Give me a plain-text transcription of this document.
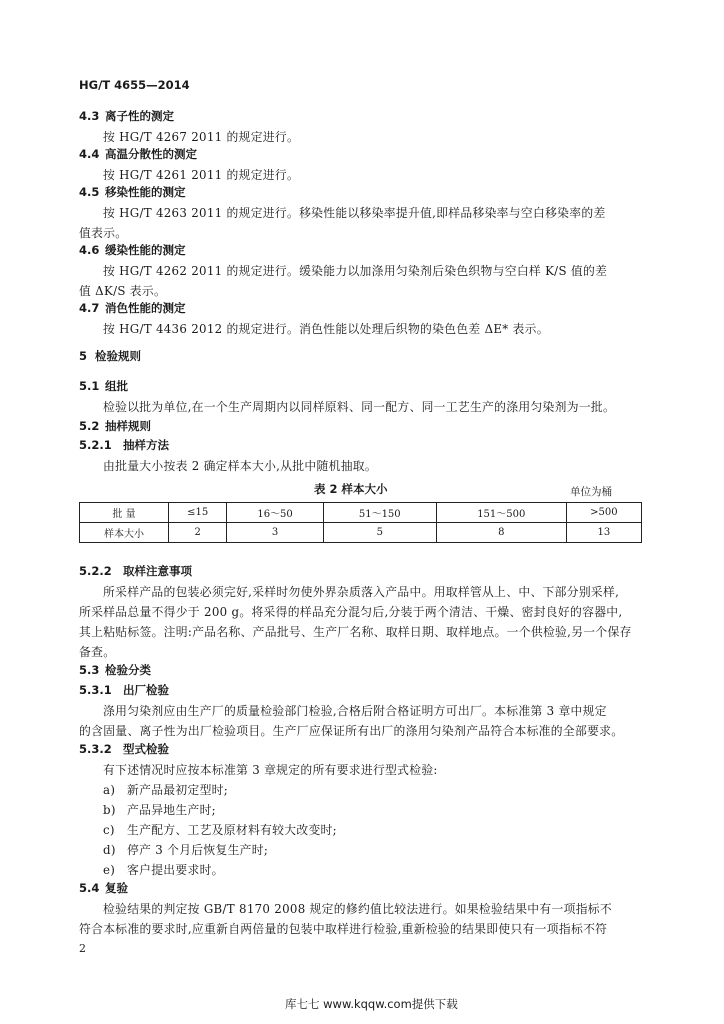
HG/T 4655—2014
4.3 离子性的测定
按 HG/T 4267 2011 的规定进行。
4.4 高温分散性的测定
按 HG/T 4261 2011 的规定进行。
4.5 移染性能的测定
按 HG/T 4263 2011 的规定进行。移染性能以移染率提升值,即样品移染率与空白移染率的差
值表示。
4.6 缓染性能的测定
按 HG/T 4262 2011 的规定进行。缓染能力以加涤用匀染剂后染色织物与空白样 K/S 值的差
值 ΔK/S 表示。
4.7 消色性能的测定
按 HG/T 4436 2012 的规定进行。消色性能以处理后织物的染色色差 ΔE* 表示。
5 检验规则
5.1 组批
检验以批为单位,在一个生产周期内以同样原料、同一配方、同一工艺生产的涤用匀染剂为一批。
5.2 抽样规则
5.2.1 抽样方法
由批量大小按表 2 确定样本大小,从批中随机抽取。
表 2 样本大小	单位为桶
批 量	≤15	16～50	51～150	151～500	>500
样本大小	2	3	5	8	13
5.2.2 取样注意事项
所采样产品的包装必须完好,采样时勿使外界杂质落入产品中。用取样管从上、中、下部分别采样,
所采样品总量不得少于 200 g。将采得的样品充分混匀后,分装于两个清洁、干燥、密封良好的容器中,
其上粘贴标签。注明:产品名称、产品批号、生产厂名称、取样日期、取样地点。一个供检验,另一个保存
备查。
5.3 检验分类
5.3.1 出厂检验
涤用匀染剂应由生产厂的质量检验部门检验,合格后附合格证明方可出厂。本标准第 3 章中规定
的含固量、离子性为出厂检验项目。生产厂应保证所有出厂的涤用匀染剂产品符合本标准的全部要求。
5.3.2 型式检验
有下述情况时应按本标准第 3 章规定的所有要求进行型式检验:
a) 新产品最初定型时;
b) 产品异地生产时;
c) 生产配方、工艺及原材料有较大改变时;
d) 停产 3 个月后恢复生产时;
e) 客户提出要求时。
5.4 复验
检验结果的判定按 GB/T 8170 2008 规定的修约值比较法进行。如果检验结果中有一项指标不
符合本标准的要求时,应重新自两倍量的包装中取样进行检验,重新检验的结果即使只有一项指标不符
2
库七七 www.kqqw.com提供下载
